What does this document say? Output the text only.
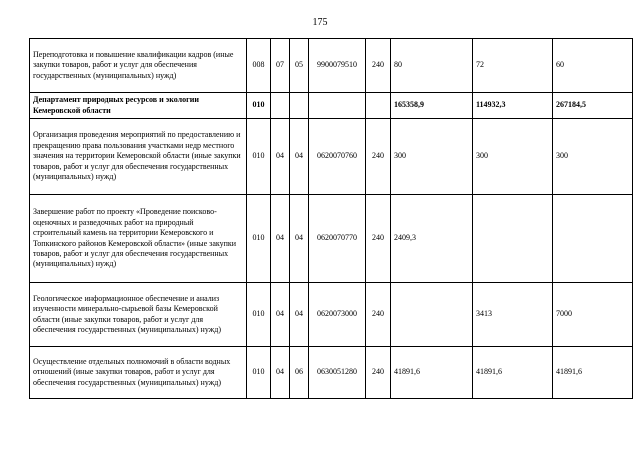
175
Переподготовка и повышение квалификации кадров (иные закупки товаров, работ и услуг для обеспечения государственных (муниципальных) нужд)	008	07	05	9900079510	240	80	72	60
Департамент природных ресурсов и экологии Кемеровской области	010					165358,9	114932,3	267184,5
Организация проведения мероприятий по предоставлению и прекращению права пользования участками недр местного значения на территории Кемеровской области (иные закупки товаров, работ и услуг для обеспечения государственных (муниципальных) нужд)	010	04	04	0620070760	240	300	300	300
Завершение работ по проекту «Проведение поисково-оценочных и разведочных работ на природный строительный камень на территории Кемеровского и Топкинского районов Кемеровской области» (иные закупки товаров, работ и услуг для обеспечения государственных (муниципальных) нужд)	010	04	04	0620070770	240	2409,3		
Геологическое информационное обеспечение и анализ изученности минерально-сырьевой базы Кемеровской области (иные закупки товаров, работ и услуг для обеспечения государственных (муниципальных) нужд)	010	04	04	0620073000	240		3413	7000
Осуществление отдельных полномочий в области водных отношений (иные закупки товаров, работ и услуг для обеспечения государственных (муниципальных) нужд)	010	04	06	0630051280	240	41891,6	41891,6	41891,6
